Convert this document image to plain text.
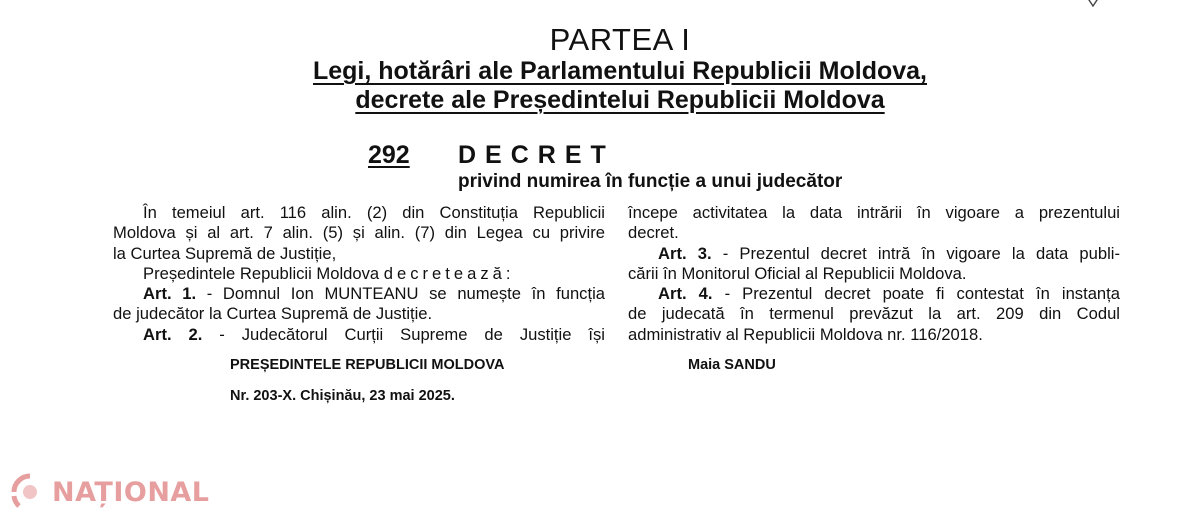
PARTEA I
Legi, hotărâri ale Parlamentului Republicii Moldova,
decrete ale Președintelui Republicii Moldova
292 DECRET
privind numirea în funcție a unui judecător
În temeiul art. 116 alin. (2) din Constituția Republicii
Moldova și al art. 7 alin. (5) și alin. (7) din Legea cu privire
la Curtea Supremă de Justiție,
Președintele Republicii Moldova decretează:
Art. 1. - Domnul Ion MUNTEANU se numește în funcția
de judecător la Curtea Supremă de Justiție.
Art. 2. - Judecătorul Curții Supreme de Justiție își
începe activitatea la data intrării în vigoare a prezentului
decret.
Art. 3. - Prezentul decret intră în vigoare la data publi-
cării în Monitorul Oficial al Republicii Moldova.
Art. 4. - Prezentul decret poate fi contestat în instanța
de judecată în termenul prevăzut la art. 209 din Codul
administrativ al Republicii Moldova nr. 116/2018.
PREȘEDINTELE REPUBLICII MOLDOVA	Maia SANDU
Nr. 203-X. Chișinău, 23 mai 2025.
NAȚIONAL
